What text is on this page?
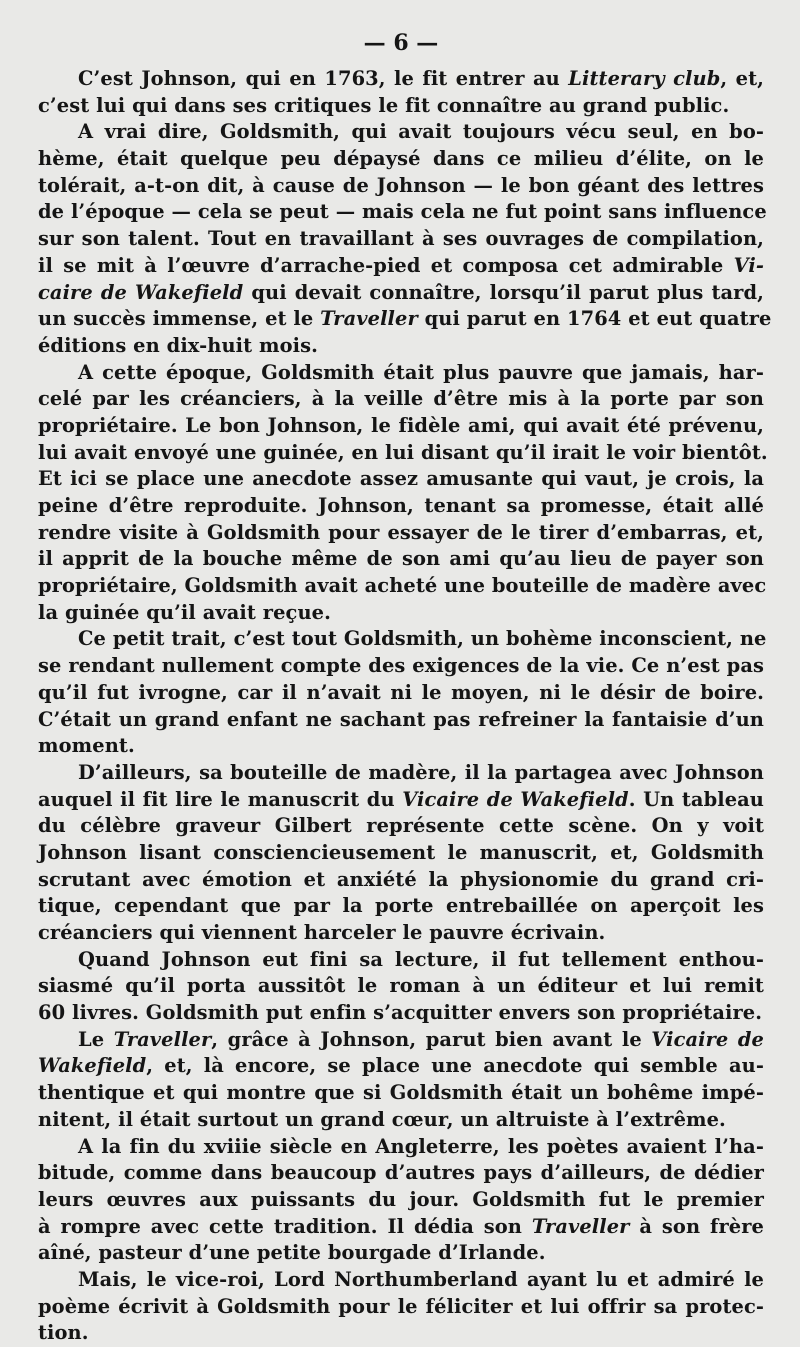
— 6 —
C’est Johnson, qui en 1763, le fit entrer au Litterary club, et,
c’est lui qui dans ses critiques le fit connaître au grand public.
A vrai dire, Goldsmith, qui avait toujours vécu seul, en bo-
hème, était quelque peu dépaysé dans ce milieu d’élite, on le
tolérait, a-t-on dit, à cause de Johnson — le bon géant des lettres
de l’époque — cela se peut — mais cela ne fut point sans influence
sur son talent. Tout en travaillant à ses ouvrages de compilation,
il se mit à l’œuvre d’arrache-pied et composa cet admirable Vi-
caire de Wakefield qui devait connaître, lorsqu’il parut plus tard,
un succès immense, et le Traveller qui parut en 1764 et eut quatre
éditions en dix-huit mois.
A cette époque, Goldsmith était plus pauvre que jamais, har-
celé par les créanciers, à la veille d’être mis à la porte par son
propriétaire. Le bon Johnson, le fidèle ami, qui avait été prévenu,
lui avait envoyé une guinée, en lui disant qu’il irait le voir bientôt.
Et ici se place une anecdote assez amusante qui vaut, je crois, la
peine d’être reproduite. Johnson, tenant sa promesse, était allé
rendre visite à Goldsmith pour essayer de le tirer d’embarras, et,
il apprit de la bouche même de son ami qu’au lieu de payer son
propriétaire, Goldsmith avait acheté une bouteille de madère avec
la guinée qu’il avait reçue.
Ce petit trait, c’est tout Goldsmith, un bohème inconscient, ne
se rendant nullement compte des exigences de la vie. Ce n’est pas
qu’il fut ivrogne, car il n’avait ni le moyen, ni le désir de boire.
C’était un grand enfant ne sachant pas refreiner la fantaisie d’un
moment.
D’ailleurs, sa bouteille de madère, il la partagea avec Johnson
auquel il fit lire le manuscrit du Vicaire de Wakefield. Un tableau
du célèbre graveur Gilbert représente cette scène. On y voit
Johnson lisant consciencieusement le manuscrit, et, Goldsmith
scrutant avec émotion et anxiété la physionomie du grand cri-
tique, cependant que par la porte entrebaillée on aperçoit les
créanciers qui viennent harceler le pauvre écrivain.
Quand Johnson eut fini sa lecture, il fut tellement enthou-
siasmé qu’il porta aussitôt le roman à un éditeur et lui remit
60 livres. Goldsmith put enfin s’acquitter envers son propriétaire.
Le Traveller, grâce à Johnson, parut bien avant le Vicaire de
Wakefield, et, là encore, se place une anecdote qui semble au-
thentique et qui montre que si Goldsmith était un bohême impé-
nitent, il était surtout un grand cœur, un altruiste à l’extrême.
A la fin du xviiie siècle en Angleterre, les poètes avaient l’ha-
bitude, comme dans beaucoup d’autres pays d’ailleurs, de dédier
leurs œuvres aux puissants du jour. Goldsmith fut le premier
à rompre avec cette tradition. Il dédia son Traveller à son frère
aîné, pasteur d’une petite bourgade d’Irlande.
Mais, le vice-roi, Lord Northumberland ayant lu et admiré le
poème écrivit à Goldsmith pour le féliciter et lui offrir sa protec-
tion.
